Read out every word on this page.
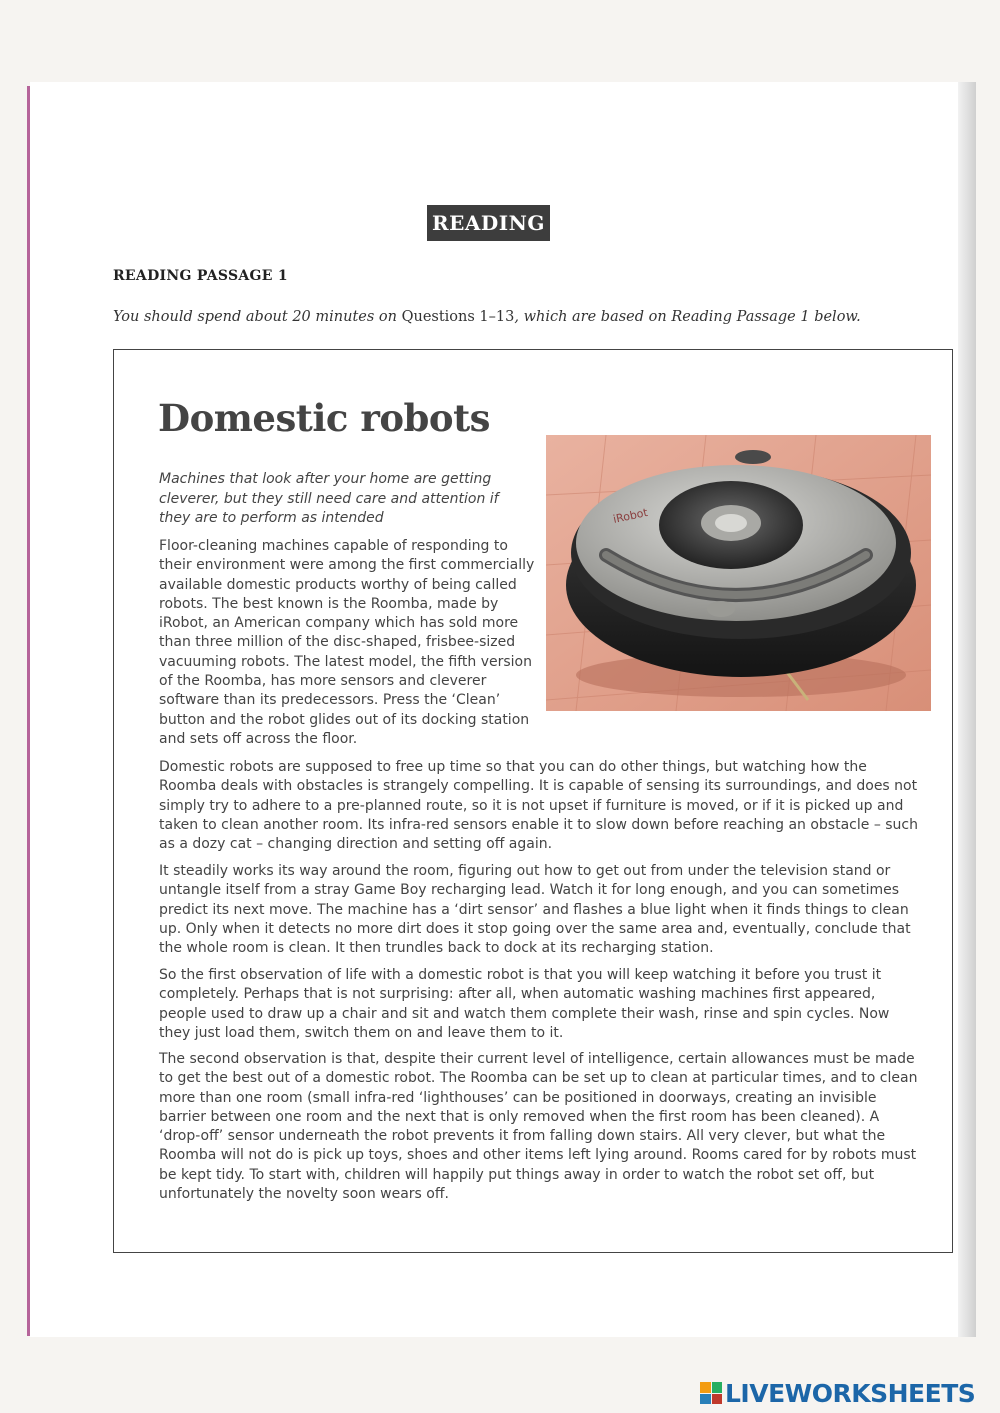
READING
READING PASSAGE 1
You should spend about 20 minutes on Questions 1–13, which are based on Reading Passage 1 below.
Domestic robots
iRobot

Machines that look after your home are getting cleverer, but they still need care and attention if they are to perform as intended

Floor-cleaning machines capable of responding to their environment were among the first commercially available domestic products worthy of being called robots. The best known is the Roomba, made by iRobot, an American company which has sold more than three million of the disc-shaped, frisbee-sized vacuuming robots. The latest model, the fifth version of the Roomba, has more sensors and cleverer software than its predecessors. Press the ‘Clean’ button and the robot glides out of its docking station and sets off across the floor.

Domestic robots are supposed to free up time so that you can do other things, but watching how the Roomba deals with obstacles is strangely compelling. It is capable of sensing its surroundings, and does not simply try to adhere to a pre-planned route, so it is not upset if furniture is moved, or if it is picked up and taken to clean another room. Its infra-red sensors enable it to slow down before reaching an obstacle – such as a dozy cat – changing direction and setting off again.

It steadily works its way around the room, figuring out how to get out from under the television stand or untangle itself from a stray Game Boy recharging lead. Watch it for long enough, and you can sometimes predict its next move. The machine has a ‘dirt sensor’ and flashes a blue light when it finds things to clean up. Only when it detects no more dirt does it stop going over the same area and, eventually, conclude that the whole room is clean. It then trundles back to dock at its recharging station.

So the first observation of life with a domestic robot is that you will keep watching it before you trust it completely. Perhaps that is not surprising: after all, when automatic washing machines first appeared, people used to draw up a chair and sit and watch them complete their wash, rinse and spin cycles. Now they just load them, switch them on and leave them to it.

The second observation is that, despite their current level of intelligence, certain allowances must be made to get the best out of a domestic robot. The Roomba can be set up to clean at particular times, and to clean more than one room (small infra-red ‘lighthouses’ can be positioned in doorways, creating an invisible barrier between one room and the next that is only removed when the first room has been cleaned). A ‘drop-off’ sensor underneath the robot prevents it from falling down stairs. All very clever, but what the Roomba will not do is pick up toys, shoes and other items left lying around. Rooms cared for by robots must be kept tidy. To start with, children will happily put things away in order to watch the robot set off, but unfortunately the novelty soon wears off.

LIVEWORKSHEETS
